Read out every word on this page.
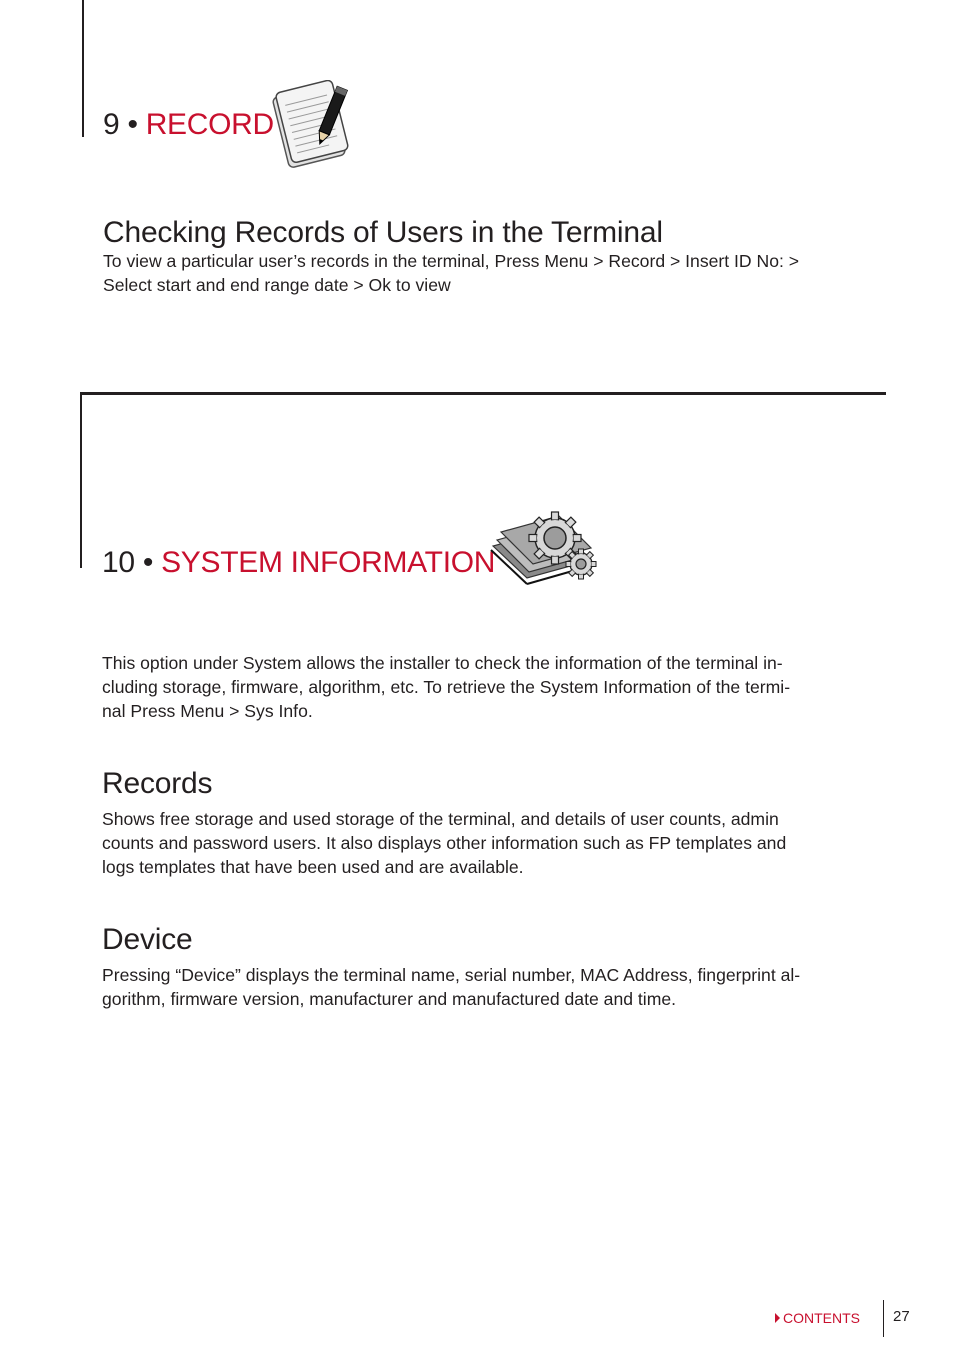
9 • RECORD
Checking Records of Users in the Terminal
To view a particular user’s records in the terminal, Press Menu > Record > Insert ID No: >
Select start and end range date > Ok to view
10 • SYSTEM INFORMATION
This option under System allows the installer to check the information of the terminal in-
cluding storage, firmware, algorithm, etc. To retrieve the System Information of the termi-
nal Press Menu > Sys Info.
Records
Shows free storage and used storage of the terminal, and details of user counts, admin
counts and password users. It also displays other information such as FP templates and
logs templates that have been used and are available.
Device
Pressing “Device” displays the terminal name, serial number, MAC Address, fingerprint al-
gorithm, firmware version, manufacturer and manufactured date and time.
CONTENTS 27
